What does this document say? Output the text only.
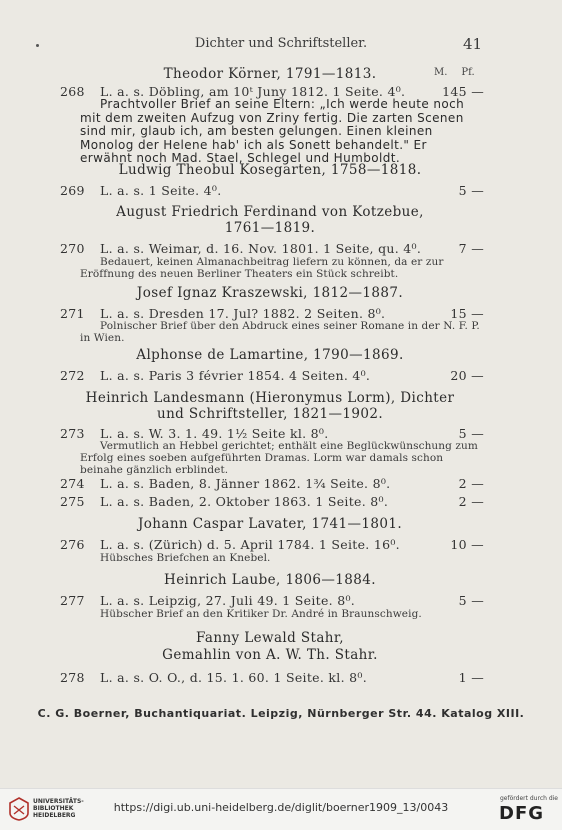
Dichter und Schriftsteller.	41
M. Pf.
Theodor Körner, 1791—1813.
268 L. a. s. Döbling, am 10ᵗ Juny 1812. 1 Seite. 4⁰.	145 —
Prachtvoller Brief an seine Eltern: „Ich werde heute noch mit dem zweiten Aufzug von Zriny fertig. Die zarten Scenen sind mir, glaub ich, am besten gelungen. Einen kleinen Monolog der Helene hab' ich als Sonett behandelt." Er erwähnt noch Mad. Stael, Schlegel und Humboldt.
Ludwig Theobul Kosegarten, 1758—1818.
269 L. a. s. 1 Seite. 4⁰.	5 —
August Friedrich Ferdinand von Kotzebue,
1761—1819.
270 L. a. s. Weimar, d. 16. Nov. 1801. 1 Seite, qu. 4⁰.	7 —
Bedauert, keinen Almanachbeitrag liefern zu können, da er zur Eröffnung des neuen Berliner Theaters ein Stück schreibt.
Josef Ignaz Kraszewski, 1812—1887.
271 L. a. s. Dresden 17. Jul? 1882. 2 Seiten. 8⁰.	15 —
Polnischer Brief über den Abdruck eines seiner Romane in der N. F. P. in Wien.
Alphonse de Lamartine, 1790—1869.
272 L. a. s. Paris 3 février 1854. 4 Seiten. 4⁰.	20 —
Heinrich Landesmann (Hieronymus Lorm), Dichter
und Schriftsteller, 1821—1902.
273 L. a. s. W. 3. 1. 49. 1½ Seite kl. 8⁰.	5 —
Vermutlich an Hebbel gerichtet; enthält eine Beglückwünschung zum Erfolg eines soeben aufgeführten Dramas. Lorm war damals schon beinahe gänzlich erblindet.
274 L. a. s. Baden, 8. Jänner 1862. 1¾ Seite. 8⁰.	2 —
275 L. a. s. Baden, 2. Oktober 1863. 1 Seite. 8⁰.	2 —
Johann Caspar Lavater, 1741—1801.
276 L. a. s. (Zürich) d. 5. April 1784. 1 Seite. 16⁰.	10 —
Hübsches Briefchen an Knebel.
Heinrich Laube, 1806—1884.
277 L. a. s. Leipzig, 27. Juli 49. 1 Seite. 8⁰.	5 —
Hübscher Brief an den Kritiker Dr. André in Braunschweig.
Fanny Lewald Stahr,
Gemahlin von A. W. Th. Stahr.
278 L. a. s. O. O., d. 15. 1. 60. 1 Seite. kl. 8⁰.	1 —
C. G. Boerner, Buchantiquariat. Leipzig, Nürnberger Str. 44. Katalog XIII.
UNIVERSITÄTS-
BIBLIOTHEK
HEIDELBERG
https://digi.ub.uni-heidelberg.de/diglit/boerner1909_13/0043
gefördert durch die
DFG
